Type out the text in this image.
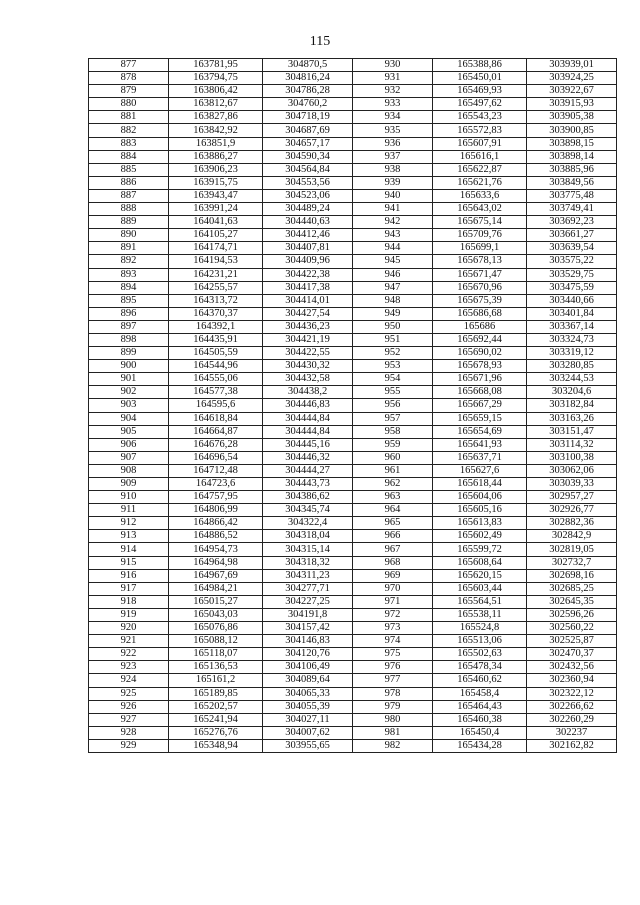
115
877	163781,95	304870,5	930	165388,86	303939,01
878	163794,75	304816,24	931	165450,01	303924,25
879	163806,42	304786,28	932	165469,93	303922,67
880	163812,67	304760,2	933	165497,62	303915,93
881	163827,86	304718,19	934	165543,23	303905,38
882	163842,92	304687,69	935	165572,83	303900,85
883	163851,9	304657,17	936	165607,91	303898,15
884	163886,27	304590,34	937	165616,1	303898,14
885	163906,23	304564,84	938	165622,87	303885,96
886	163915,75	304553,56	939	165621,76	303849,56
887	163943,47	304523,06	940	165633,6	303775,48
888	163991,24	304489,24	941	165643,02	303749,41
889	164041,63	304440,63	942	165675,14	303692,23
890	164105,27	304412,46	943	165709,76	303661,27
891	164174,71	304407,81	944	165699,1	303639,54
892	164194,53	304409,96	945	165678,13	303575,22
893	164231,21	304422,38	946	165671,47	303529,75
894	164255,57	304417,38	947	165670,96	303475,59
895	164313,72	304414,01	948	165675,39	303440,66
896	164370,37	304427,54	949	165686,68	303401,84
897	164392,1	304436,23	950	165686	303367,14
898	164435,91	304421,19	951	165692,44	303324,73
899	164505,59	304422,55	952	165690,02	303319,12
900	164544,96	304430,32	953	165678,93	303280,85
901	164555,06	304432,58	954	165671,96	303244,53
902	164577,38	304438,2	955	165668,08	303204,6
903	164595,6	304446,83	956	165667,29	303182,84
904	164618,84	304444,84	957	165659,15	303163,26
905	164664,87	304444,84	958	165654,69	303151,47
906	164676,28	304445,16	959	165641,93	303114,32
907	164696,54	304446,32	960	165637,71	303100,38
908	164712,48	304444,27	961	165627,6	303062,06
909	164723,6	304443,73	962	165618,44	303039,33
910	164757,95	304386,62	963	165604,06	302957,27
911	164806,99	304345,74	964	165605,16	302926,77
912	164866,42	304322,4	965	165613,83	302882,36
913	164886,52	304318,04	966	165602,49	302842,9
914	164954,73	304315,14	967	165599,72	302819,05
915	164964,98	304318,32	968	165608,64	302732,7
916	164967,69	304311,23	969	165620,15	302698,16
917	164984,21	304277,71	970	165603,44	302685,25
918	165015,27	304227,25	971	165564,51	302645,35
919	165043,03	304191,8	972	165538,11	302596,26
920	165076,86	304157,42	973	165524,8	302560,22
921	165088,12	304146,83	974	165513,06	302525,87
922	165118,07	304120,76	975	165502,63	302470,37
923	165136,53	304106,49	976	165478,34	302432,56
924	165161,2	304089,64	977	165460,62	302360,94
925	165189,85	304065,33	978	165458,4	302322,12
926	165202,57	304055,39	979	165464,43	302266,62
927	165241,94	304027,11	980	165460,38	302260,29
928	165276,76	304007,62	981	165450,4	302237
929	165348,94	303955,65	982	165434,28	302162,82
